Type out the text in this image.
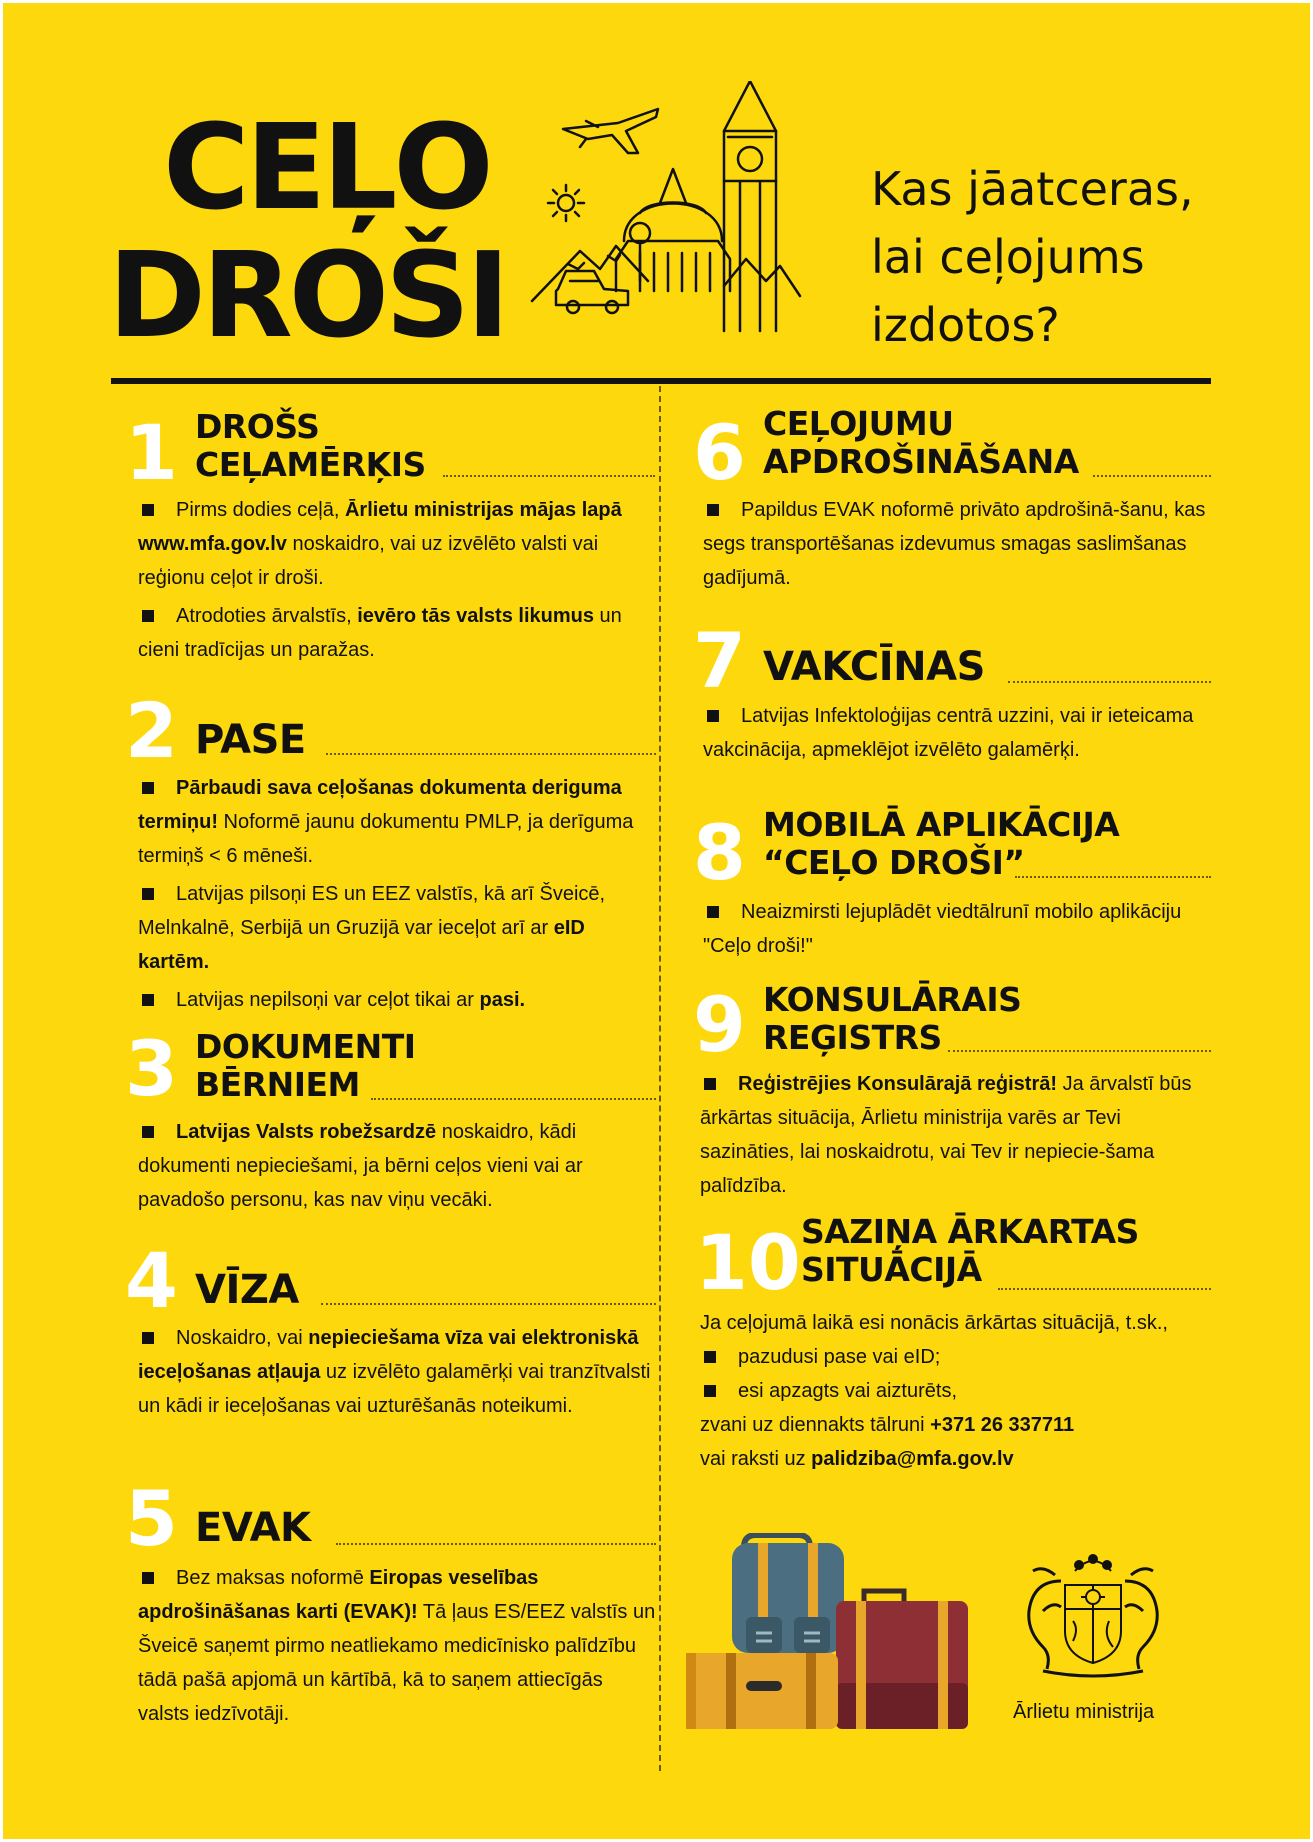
CEĻO
DROŠI
Kas jāatceras,
lai ceļojums
izdotos?
1 DROŠS
CEĻAMĒRĶIS

Pirms dodies ceļā, Ārlietu ministrijas mājas lapā www.mfa.gov.lv noskaidro, vai uz izvēlēto valsti vai reģionu ceļot ir droši.

Atrodoties ārvalstīs, ievēro tās valsts likumus un cieni tradīcijas un paražas.

2 PASE

Pārbaudi sava ceļošanas dokumenta deriguma termiņu! Noformē jaunu dokumentu PMLP, ja derīguma termiņš < 6 mēneši.

Latvijas pilsoņi ES un EEZ valstīs, kā arī Šveicē, Melnkalnē, Serbijā un Gruzijā var ieceļot arī ar eID kartēm.

Latvijas nepilsoņi var ceļot tikai ar pasi.

3 DOKUMENTI
BĒRNIEM

Latvijas Valsts robežsardzē noskaidro, kādi dokumenti nepieciešami, ja bērni ceļos vieni vai ar pavadošo personu, kas nav viņu vecāki.

4 VĪZA

Noskaidro, vai nepieciešama vīza vai elektroniskā ieceļošanas atļauja uz izvēlēto galamērķi vai tranzītvalsti un kādi ir ieceļošanas vai uzturēšanās noteikumi.

5 EVAK

Bez maksas noformē Eiropas veselības apdrošināšanas karti (EVAK)! Tā ļaus ES/EEZ valstīs un Šveicē saņemt pirmo neatliekamo medicīnisko palīdzību tādā pašā apjomā un kārtībā, kā to saņem attiecīgās valsts iedzīvotāji.

6 CEĻOJUMU
APDROŠINĀŠANA

Papildus EVAK noformē privāto apdrošinā-šanu, kas segs transportēšanas izdevumus smagas saslimšanas gadījumā.

7 VAKCĪNAS

Latvijas Infektoloģijas centrā uzzini, vai ir ieteicama vakcinācija, apmeklējot izvēlēto galamērķi.

8 MOBILĀ APLIKĀCIJA
“CEĻO DROŠI”

Neaizmirsti lejuplādēt viedtālrunī mobilo aplikāciju "Ceļo droši!"

9 KONSULĀRAIS
REĢISTRS

Reģistrējies Konsulārajā reģistrā! Ja ārvalstī būs ārkārtas situācija, Ārlietu ministrija varēs ar Tevi sazināties, lai noskaidrotu, vai Tev ir nepiecie-šama palīdzība.

10 SAZIŅA ĀRKARTAS
SITUĀCIJĀ

Ja ceļojumā laikā esi nonācis ārkārtas situācijā, t.sk.,

pazudusi pase vai eID;

esi apzagts vai aizturēts,

zvani uz diennakts tālruni +371 26 337711

vai raksti uz palidziba@mfa.gov.lv

Ārlietu ministrija
